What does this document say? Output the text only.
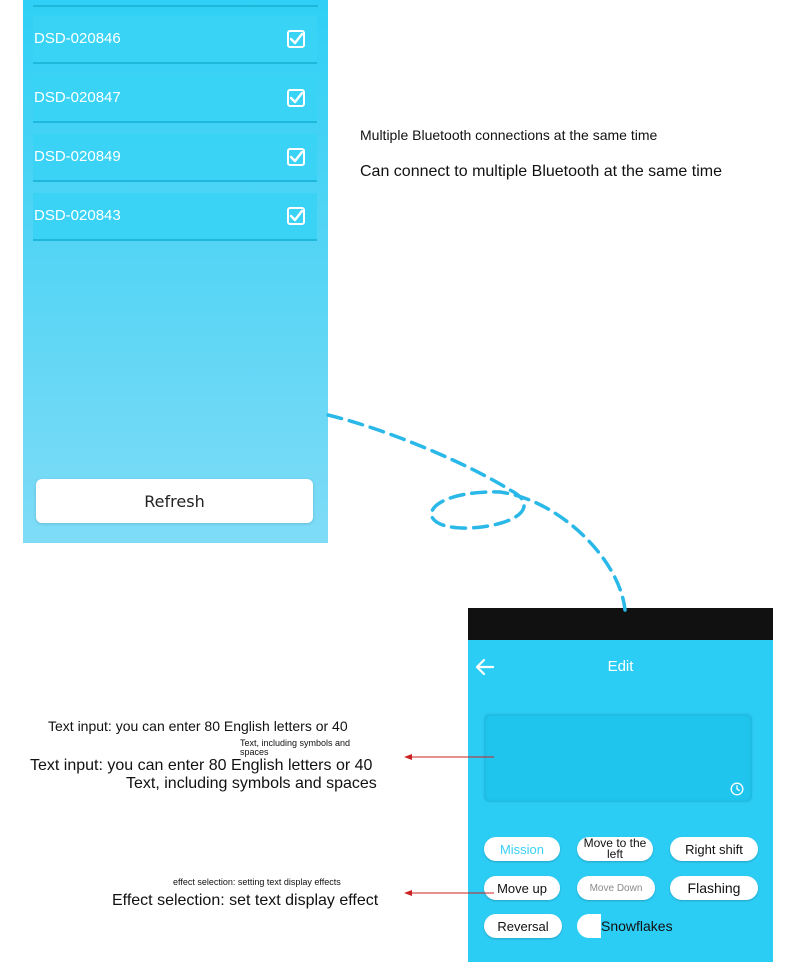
DSD-020846
DSD-020847
DSD-020849
DSD-020843
Refresh
Multiple Bluetooth connections at the same time
Can connect to multiple Bluetooth at the same time
Text input: you can enter 80 English letters or 40
Text, including symbols and spaces
Text input: you can enter 80 English letters or 40
Text, including symbols and spaces
effect selection: setting text display effects
Effect selection: set text display effect
Edit
Mission	Move to the left	Right shift
Move up	Move Down	Flashing
Reversal	Snowflakes
